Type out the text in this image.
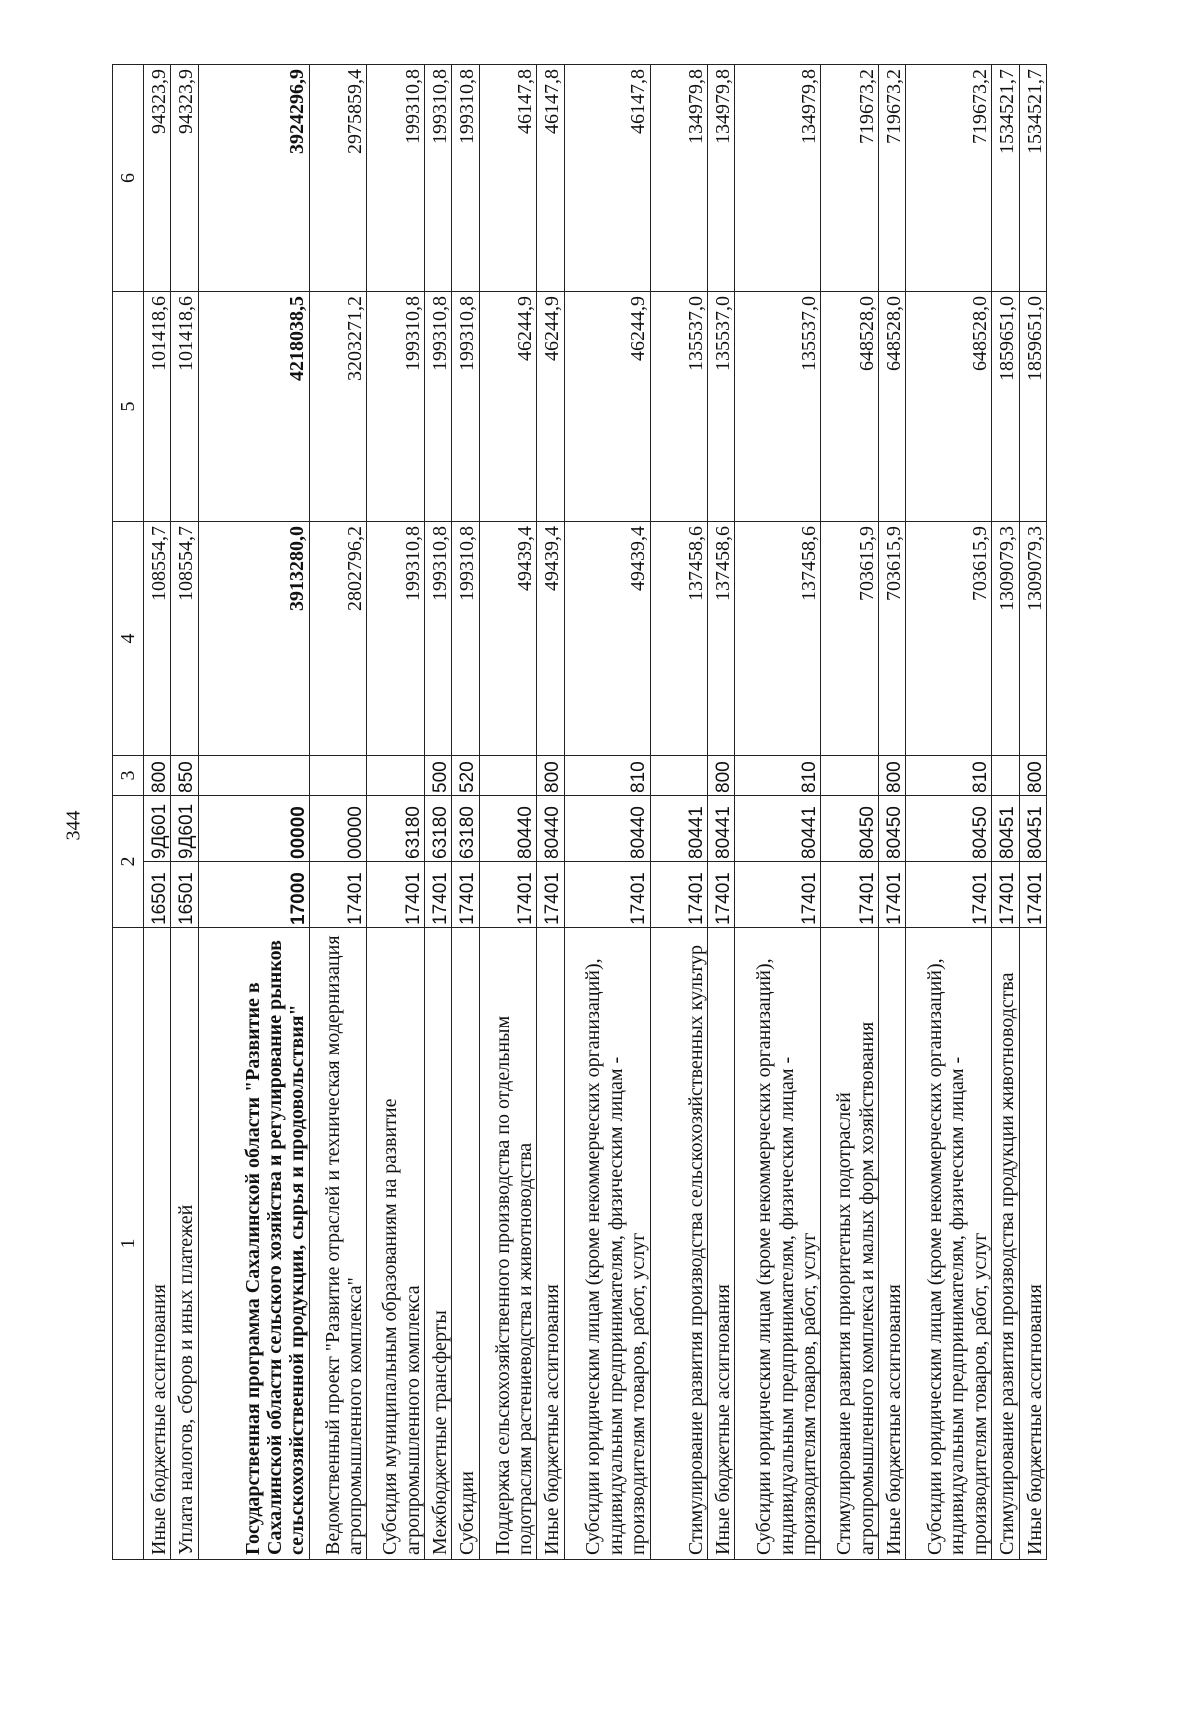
344
1	2		3	4	5	6
Иные бюджетные ассигнования	16501	9Д601	800	108554,7	101418,6	94323,9
Уплата налогов, сборов и иных платежей	16501	9Д601	850	108554,7	101418,6	94323,9
Государственная программа Сахалинской области "Развитие в Сахалинской области сельского хозяйства и регулирование рынков сельскохозяйственной продукции, сырья и продовольствия"	17000	00000		3913280,0	4218038,5	3924296,9
Ведомственный проект "Развитие отраслей и техническая модернизация агропромышленного комплекса"	17401	00000		2802796,2	3203271,2	2975859,4
Субсидия муниципальным образованиям на развитие агропромышленного комплекса	17401	63180		199310,8	199310,8	199310,8
Межбюджетные трансферты	17401	63180	500	199310,8	199310,8	199310,8
Субсидии	17401	63180	520	199310,8	199310,8	199310,8
Поддержка сельскохозяйственного производства по отдельным подотраслям растениеводства и животноводства	17401	80440		49439,4	46244,9	46147,8
Иные бюджетные ассигнования	17401	80440	800	49439,4	46244,9	46147,8
Субсидии юридическим лицам (кроме некоммерческих организаций), индивидуальным предпринимателям, физическим лицам - производителям товаров, работ, услуг	17401	80440	810	49439,4	46244,9	46147,8
Стимулирование развития производства сельскохозяйственных культур	17401	80441		137458,6	135537,0	134979,8
Иные бюджетные ассигнования	17401	80441	800	137458,6	135537,0	134979,8
Субсидии юридическим лицам (кроме некоммерческих организаций), индивидуальным предпринимателям, физическим лицам - производителям товаров, работ, услуг	17401	80441	810	137458,6	135537,0	134979,8
Стимулирование развития приоритетных подотраслей агропромышленного комплекса и малых форм хозяйствования	17401	80450		703615,9	648528,0	719673,2
Иные бюджетные ассигнования	17401	80450	800	703615,9	648528,0	719673,2
Субсидии юридическим лицам (кроме некоммерческих организаций), индивидуальным предпринимателям, физическим лицам - производителям товаров, работ, услуг	17401	80450	810	703615,9	648528,0	719673,2
Стимулирование развития производства продукции животноводства	17401	80451		1309079,3	1859651,0	1534521,7
Иные бюджетные ассигнования	17401	80451	800	1309079,3	1859651,0	1534521,7
